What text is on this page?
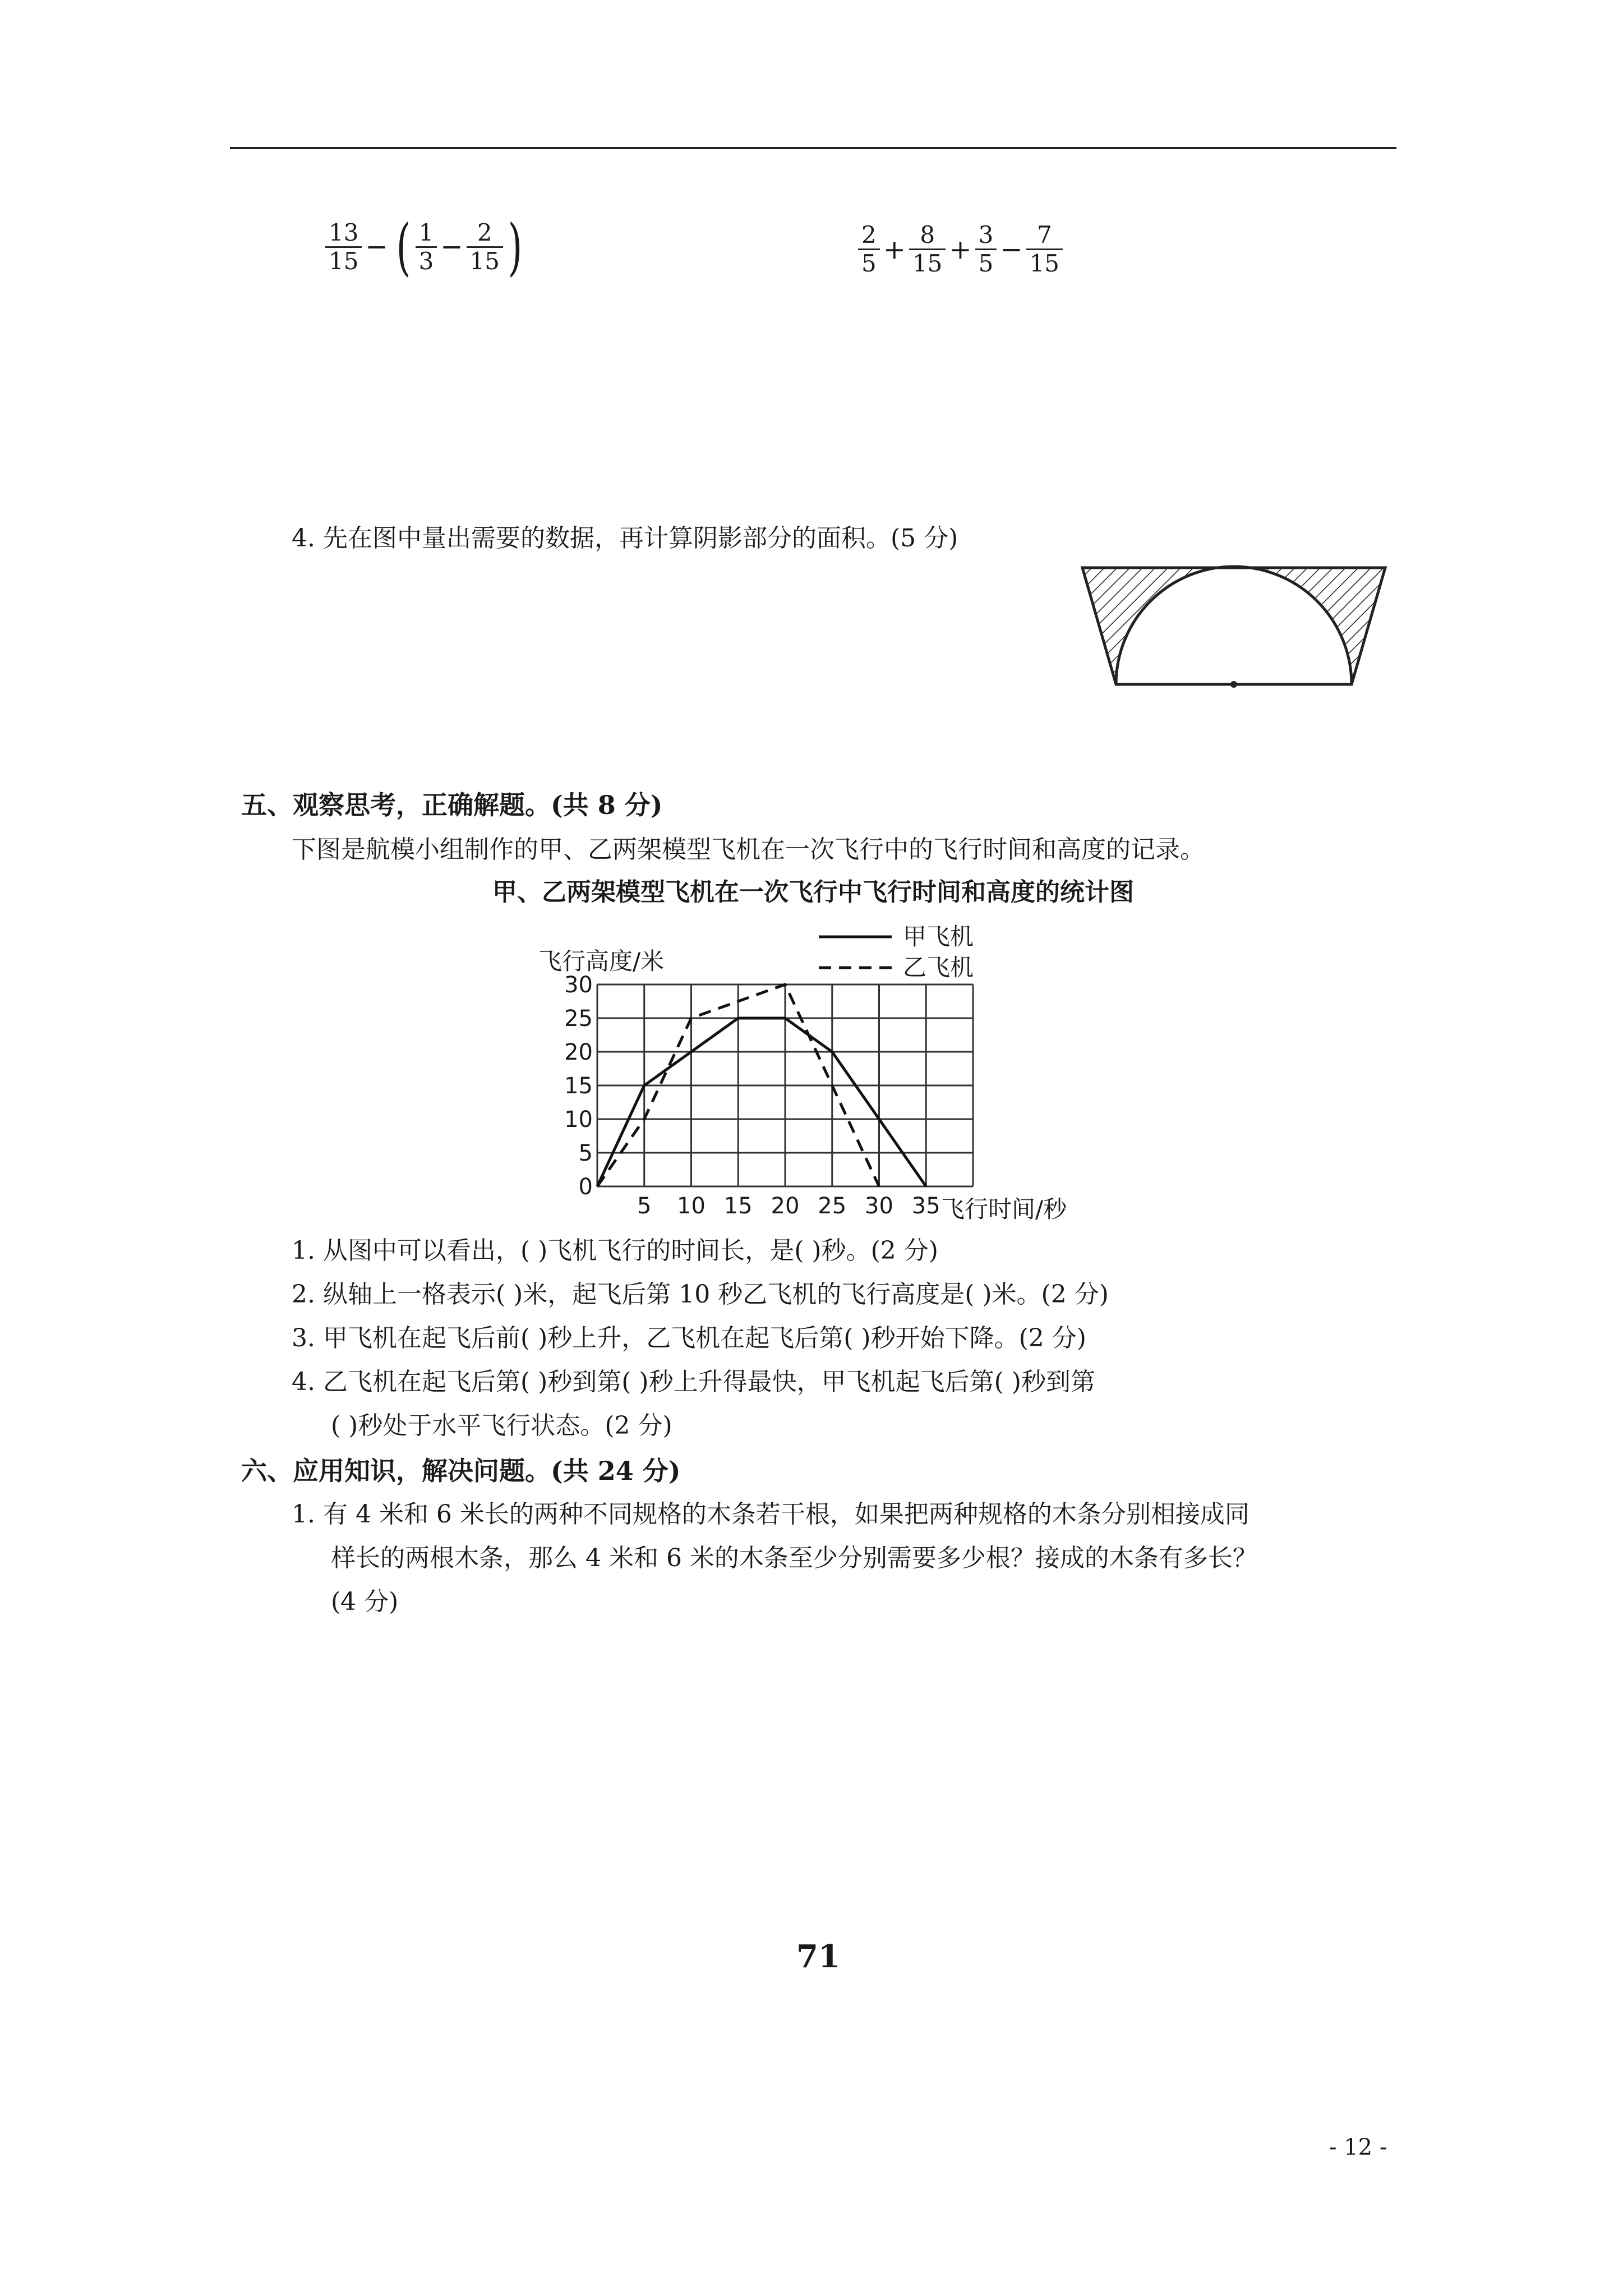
$\frac{13}{15}$ − ( $\frac{1}{3} - \frac{2}{15}$ )	$\frac{2}{5} + \frac{8}{15} + \frac{3}{5} - \frac{7}{15}$
4. 先在图中量出需要的数据，再计算阴影部分的面积。(5 分)
五、观察思考，正确解题。(共 8 分)
下图是航模小组制作的甲、乙两架模型飞机在一次飞行中的飞行时间和高度的记录。
甲、乙两架模型飞机在一次飞行中飞行时间和高度的统计图
5 10 15 20 25 30 35
0
5
10
15
20
25
30
飞行高度/米
飞行时间/秒
甲飞机
乙飞机
1. 从图中可以看出，( )飞机飞行的时间长，是( )秒。(2 分)
2. 纵轴上一格表示( )米，起飞后第 10 秒乙飞机的飞行高度是( )米。(2 分)
3. 甲飞机在起飞后前( )秒上升，乙飞机在起飞后第( )秒开始下降。(2 分)
4. 乙飞机在起飞后第( )秒到第( )秒上升得最快，甲飞机起飞后第( )秒到第
( )秒处于水平飞行状态。(2 分)
六、应用知识，解决问题。(共 24 分)
1. 有 4 米和 6 米长的两种不同规格的木条若干根，如果把两种规格的木条分别相接成同
样长的两根木条，那么 4 米和 6 米的木条至少分别需要多少根？接成的木条有多长？
(4 分)
71
- 12 -
